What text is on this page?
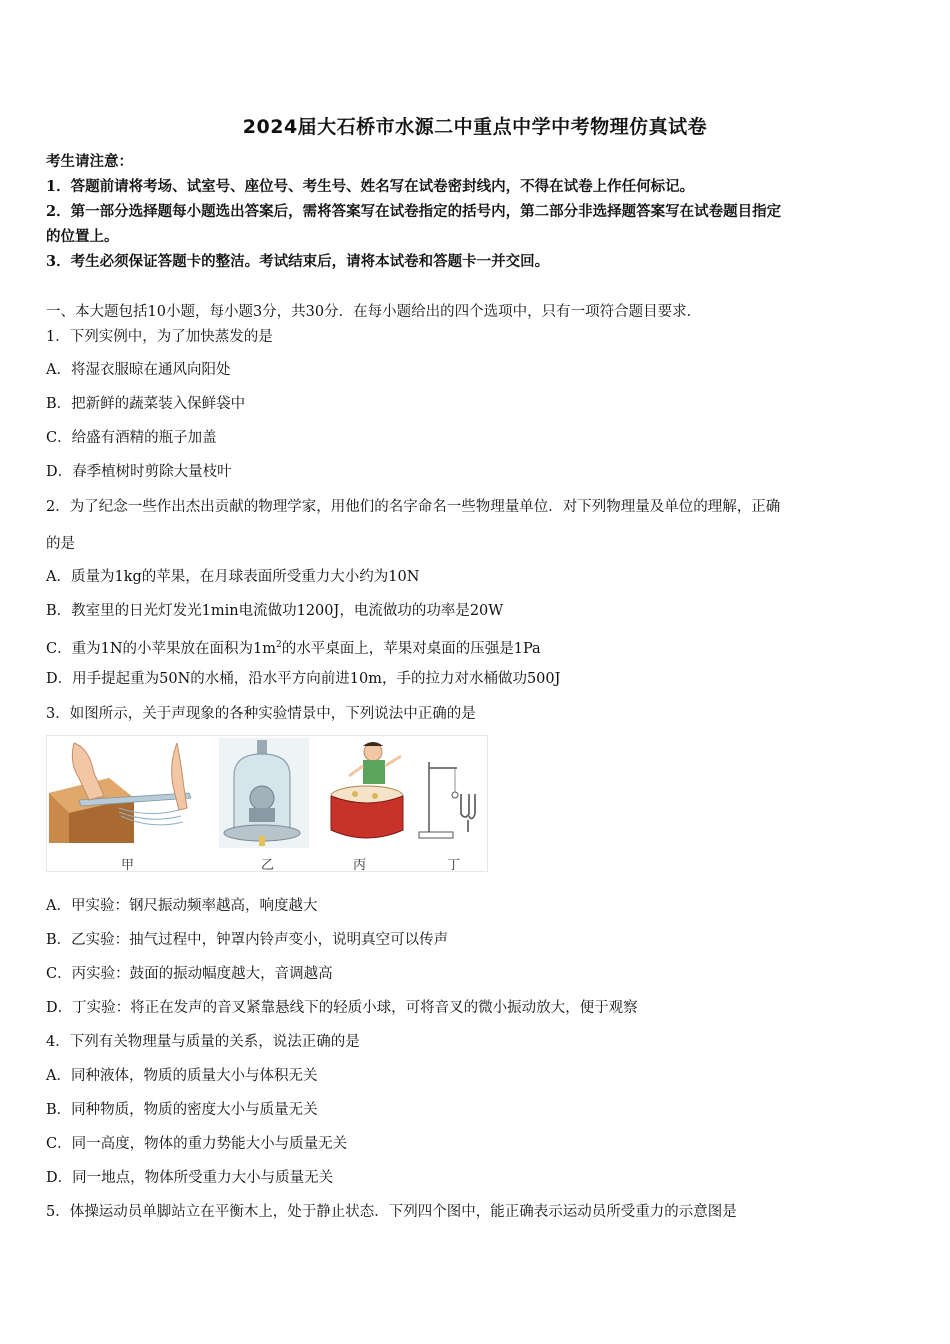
2024届大石桥市水源二中重点中学中考物理仿真试卷
考生请注意：
1．答题前请将考场、试室号、座位号、考生号、姓名写在试卷密封线内，不得在试卷上作任何标记。
2．第一部分选择题每小题选出答案后，需将答案写在试卷指定的括号内，第二部分非选择题答案写在试卷题目指定
的位置上。
3．考生必须保证答题卡的整洁。考试结束后，请将本试卷和答题卡一并交回。
一、本大题包括10小题，每小题3分，共30分．在每小题给出的四个选项中，只有一项符合题目要求．
1．下列实例中，为了加快蒸发的是
A．将湿衣服晾在通风向阳处
B．把新鲜的蔬菜装入保鲜袋中
C．给盛有酒精的瓶子加盖
D．春季植树时剪除大量枝叶
2．为了纪念一些作出杰出贡献的物理学家，用他们的名字命名一些物理量单位．对下列物理量及单位的理解，正确
的是
A．质量为1kg的苹果，在月球表面所受重力大小约为10N
B．教室里的日光灯发光1min电流做功1200J，电流做功的功率是20W
C．重为1N的小苹果放在面积为$1m^2$的水平桌面上，苹果对桌面的压强是1Pa
D．用手提起重为50N的水桶，沿水平方向前进10m，手的拉力对水桶做功500J
3．如图所示，关于声现象的各种实验情景中，下列说法中正确的是
甲	乙	丙	丁
A．甲实验：钢尺振动频率越高，响度越大
B．乙实验：抽气过程中，钟罩内铃声变小，说明真空可以传声
C．丙实验：鼓面的振动幅度越大，音调越高
D．丁实验：将正在发声的音叉紧靠悬线下的轻质小球，可将音叉的微小振动放大，便于观察
4．下列有关物理量与质量的关系，说法正确的是
A．同种液体，物质的质量大小与体积无关
B．同种物质，物质的密度大小与质量无关
C．同一高度，物体的重力势能大小与质量无关
D．同一地点，物体所受重力大小与质量无关
5．体操运动员单脚站立在平衡木上，处于静止状态．下列四个图中，能正确表示运动员所受重力的示意图是
